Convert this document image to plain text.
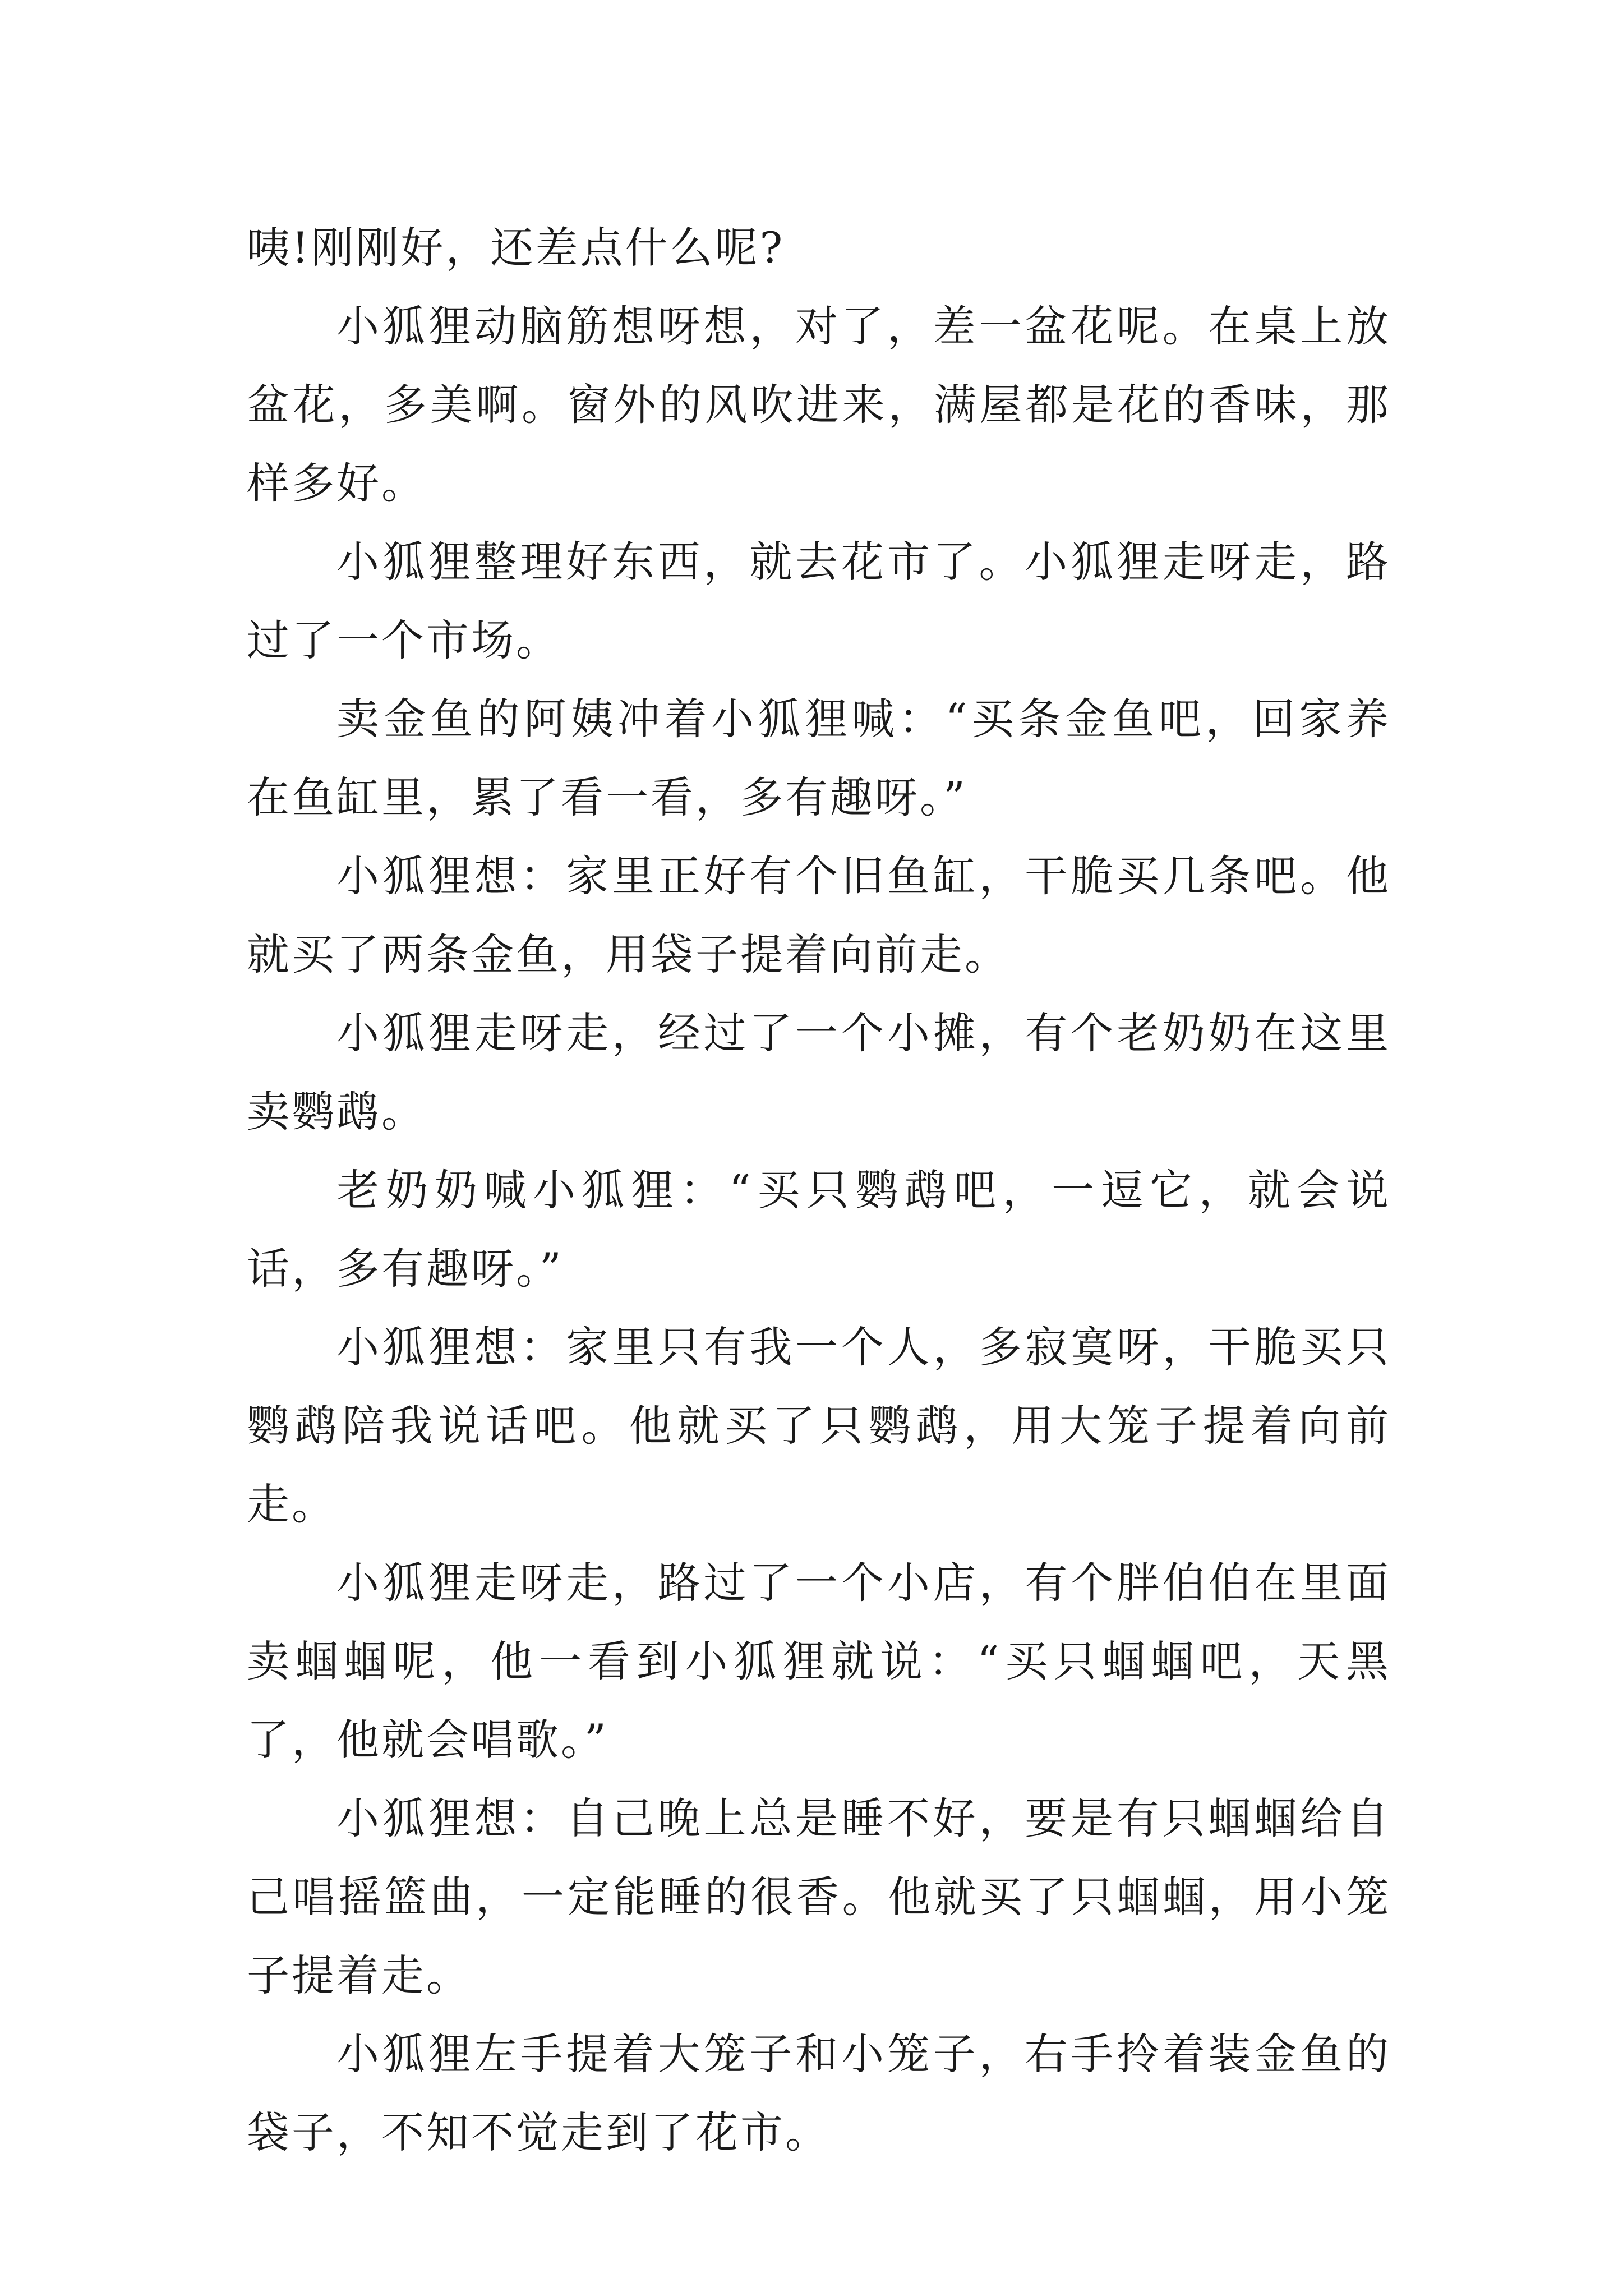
咦!刚刚好，还差点什么呢?

小狐狸动脑筋想呀想，对了，差一盆花呢。在桌上放盆花，多美啊。窗外的风吹进来，满屋都是花的香味，那样多好。

小狐狸整理好东西，就去花市了。小狐狸走呀走，路过了一个市场。

卖金鱼的阿姨冲着小狐狸喊：“买条金鱼吧，回家养在鱼缸里，累了看一看，多有趣呀。”

小狐狸想：家里正好有个旧鱼缸，干脆买几条吧。他就买了两条金鱼，用袋子提着向前走。

小狐狸走呀走，经过了一个小摊，有个老奶奶在这里卖鹦鹉。

老奶奶喊小狐狸：“买只鹦鹉吧，一逗它，就会说话，多有趣呀。”

小狐狸想：家里只有我一个人，多寂寞呀，干脆买只鹦鹉陪我说话吧。他就买了只鹦鹉，用大笼子提着向前走。

小狐狸走呀走，路过了一个小店，有个胖伯伯在里面卖蝈蝈呢，他一看到小狐狸就说：“买只蝈蝈吧，天黑了，他就会唱歌。”

小狐狸想：自己晚上总是睡不好，要是有只蝈蝈给自己唱摇篮曲，一定能睡的很香。他就买了只蝈蝈，用小笼子提着走。

小狐狸左手提着大笼子和小笼子，右手拎着装金鱼的袋子，不知不觉走到了花市。
